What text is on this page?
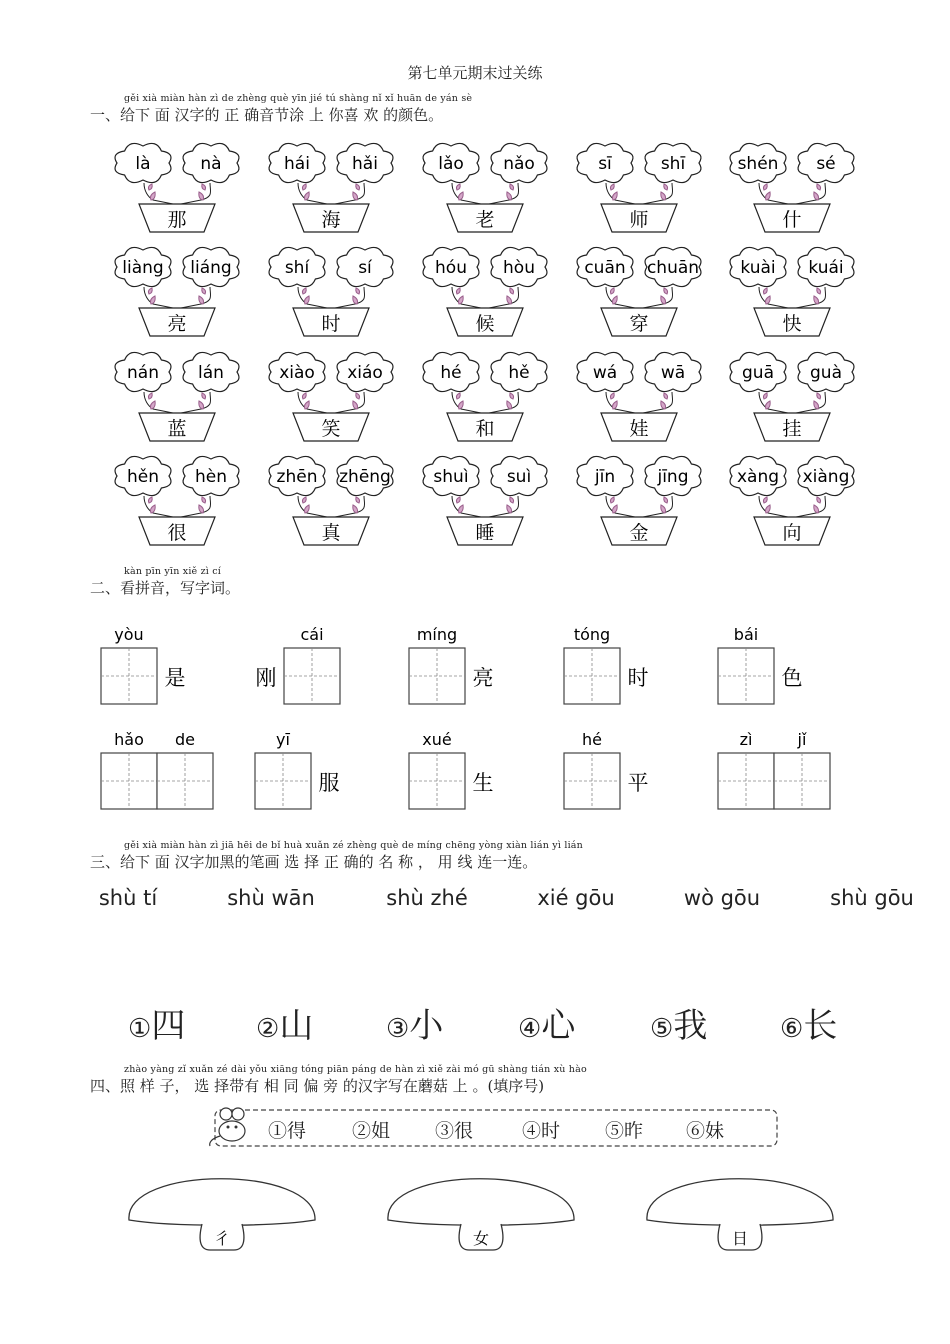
第七单元期末过关练
gěi xià miàn hàn zì de zhèng què yīn jié tú shàng nǐ xǐ huān de yán sè
一、给下 面 汉字的 正 确音节涂 上 你喜 欢 的颜色。
là	nà
那
hái hǎi
海
lǎo nǎo
老
sī	shī
师
shén sé
什
liàng liáng
亮
shí	sí
时
hóu hòu
候
cuān chuān
穿
kuài kuái
快
nán lán
蓝
xiào xiáo
笑
hé	hě
和
wá	wā
娃
guā guà
挂
hěn hèn
很
zhēn zhēng
真
shuì suì
睡
jīn jīng
金
xàng xiàng
向
kàn pīn yīn xiě zì cí
二、看拼音，写字词。
yòu
是
cái
刚
míng
亮
tóng
时
bái
色
hǎo de	yī
服
xué
生
hé
平
zì	jǐ
gěi xià miàn hàn zì jiā hēi de bǐ huà xuǎn zé zhèng què de míng chēng yòng xiàn lián yì lián
三、给下 面 汉字加黑的笔画 选 择 正 确的 名 称 ， 用 线 连一连。
shù tí	shù wān	shù zhé	xié gōu	wò gōu	shù gōu
①四	②山	③小	④心	⑤我	⑥长
zhào yàng zǐ xuǎn zé dài yǒu xiāng tóng piān páng de hàn zì xiě zài mó gū shàng tián xù hào
四、照 样 子， 选 择带有 相 同 偏 旁 的汉字写在蘑菇 上 。(填序号)
彳	女	日
①得 ②姐 ③很	④时 ⑤昨 ⑥妹
